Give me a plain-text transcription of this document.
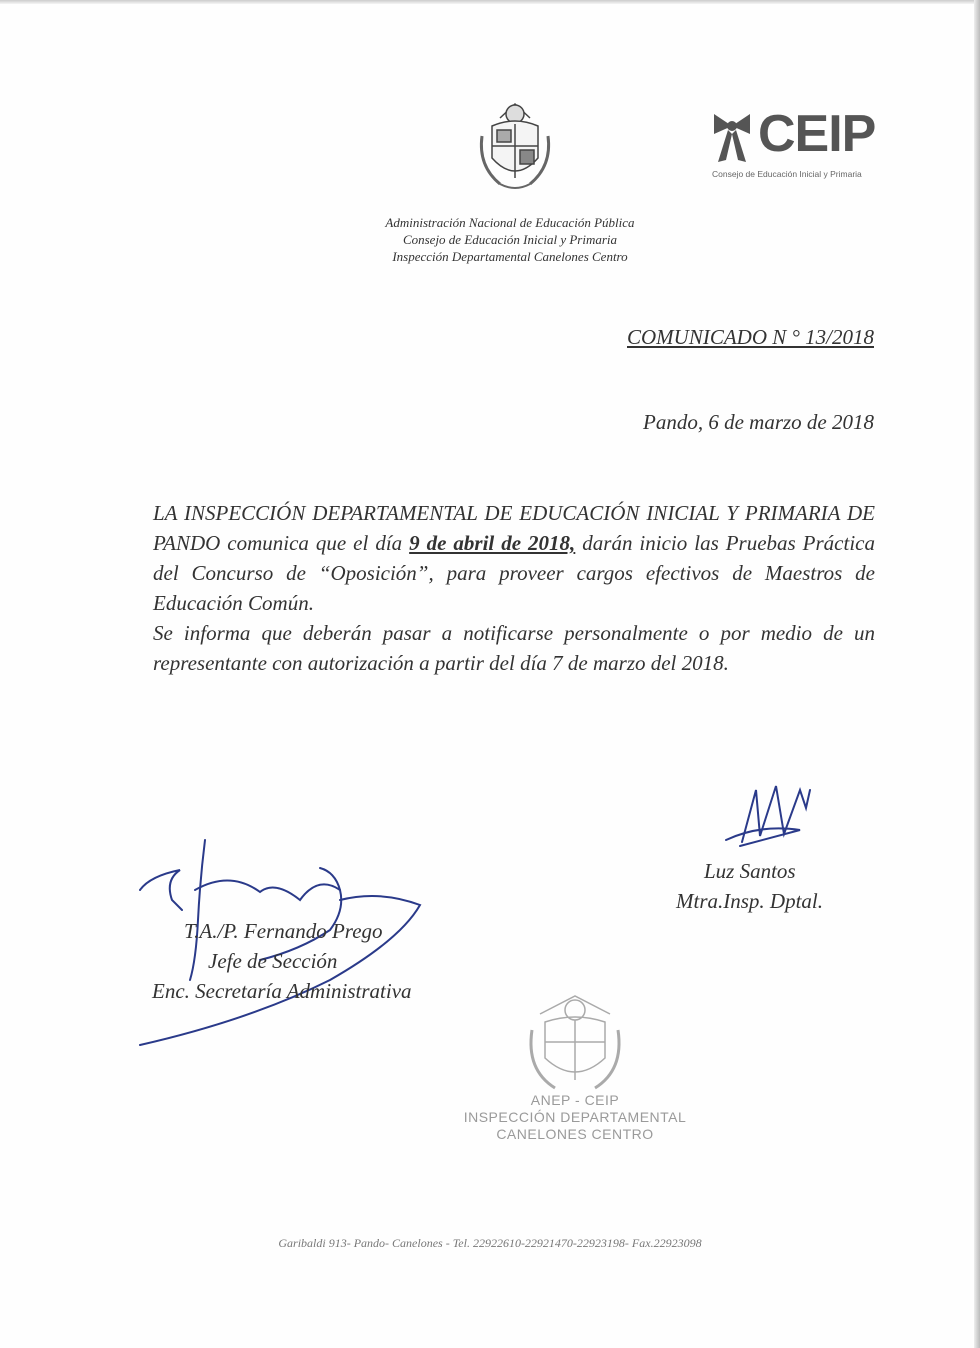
CEIP
Consejo de Educación Inicial y Primaria
Administración Nacional de Educación Pública
Consejo de Educación Inicial y Primaria
Inspección Departamental Canelones Centro
COMUNICADO N ° 13/2018
Pando, 6 de marzo de 2018

LA INSPECCIÓN DEPARTAMENTAL DE EDUCACIÓN INICIAL Y PRIMARIA DE PANDO comunica que el día 9 de abril de 2018, darán inicio las Pruebas Práctica del Concurso de “Oposición”, para proveer cargos efectivos de Maestros de Educación Común.

Se informa que deberán pasar a notificarse personalmente o por medio de un representante con autorización a partir del día 7 de marzo del 2018.

Luz Santos
Mtra.Insp. Dptal.
T.A./P. Fernando Prego
Jefe de Sección
Enc. Secretaría Administrativa
ANEP - CEIP
INSPECCIÓN DEPARTAMENTAL
CANELONES CENTRO
Garibaldi 913- Pando- Canelones - Tel. 22922610-22921470-22923198- Fax.22923098
